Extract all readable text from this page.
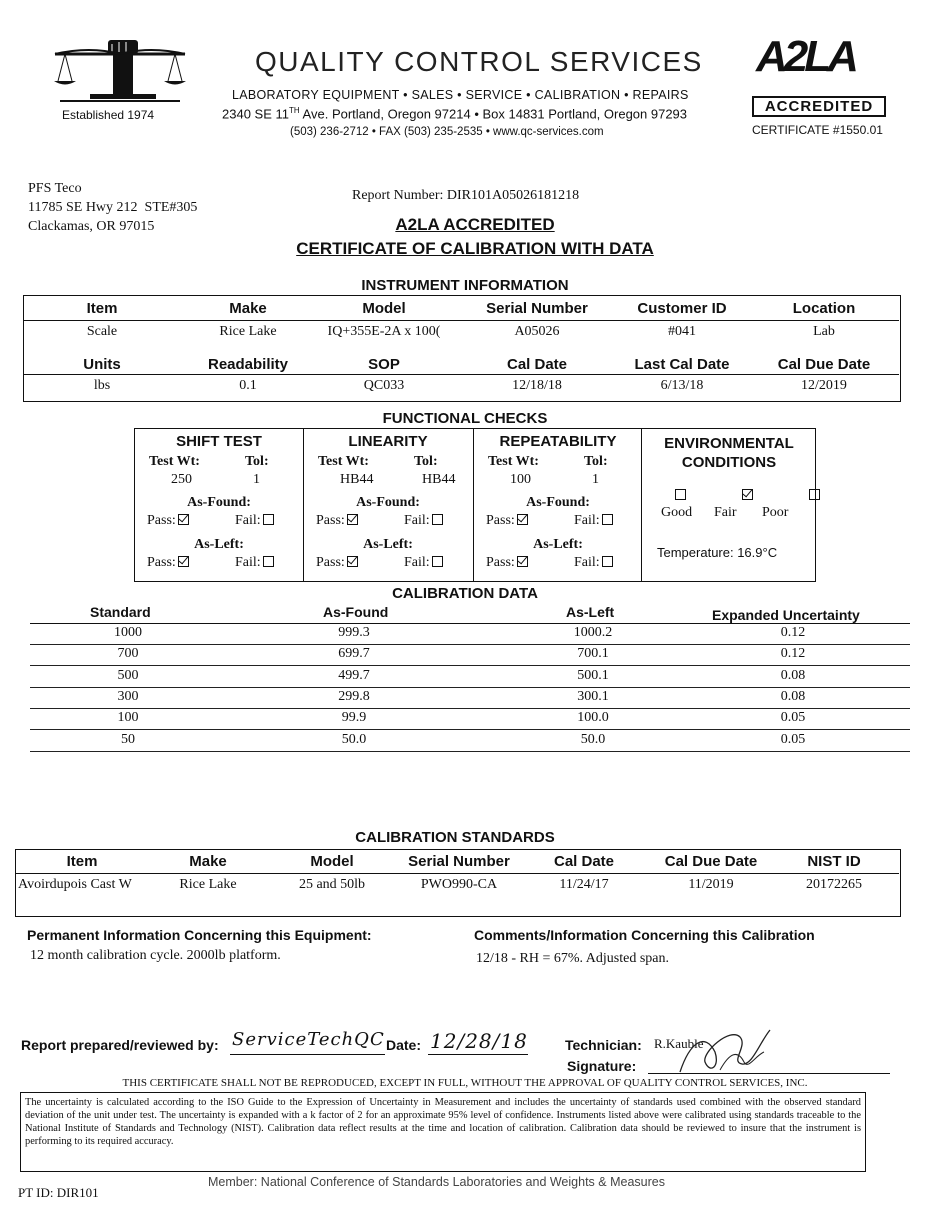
Established 1974
QUALITY CONTROL SERVICES
LABORATORY EQUIPMENT • SALES • SERVICE • CALIBRATION • REPAIRS
2340 SE 11TH Ave. Portland, Oregon 97214 • Box 14831 Portland, Oregon 97293
(503) 236-2712 • FAX (503) 235-2535 • www.qc-services.com
A2LA
ACCREDITED
CERTIFICATE #1550.01
PFS Teco
11785 SE Hwy 212  STE#305
Clackamas, OR 97015
Report Number: DIR101A05026181218
A2LA ACCREDITED
CERTIFICATE OF CALIBRATION WITH DATA
INSTRUMENT INFORMATION
Item	Make	Model	Serial Number	Customer ID	Location
Scale	Rice Lake	IQ+355E-2A x 100(	A05026	#041	Lab
Units	Readability	SOP	Cal Date	Last Cal Date	Cal Due Date
lbs	0.1	QC033	12/18/18	6/13/18	12/2019
FUNCTIONAL CHECKS
ENVIRONMENTAL
CONDITIONS

Good Fair Poor
Temperature: 16.9°C
SHIFT TEST
Test Wt:	Tol:
250	1
As-Found:
Pass:	Fail:
Pass:	Fail:
As-Left:
LINEARITY
Test Wt:	Tol:
HB44	HB44
As-Found:
Pass:	Fail:
Pass:	Fail:
As-Left:
REPEATABILITY
Test Wt:	Tol:
100	1
As-Found:
Pass:	Fail:
Pass:	Fail:
As-Left:
CALIBRATION DATA
Standard	As-Found	As-Left	Expanded Uncertainty
1000	999.3	1000.2	0.12
700	699.7	700.1	0.12
500	499.7	500.1	0.08
300	299.8	300.1	0.08
100	99.9	100.0	0.05
50	50.0	50.0	0.05
CALIBRATION STANDARDS
Item	Make	Model	Serial Number	Cal Date	Cal Due Date	NIST ID
Avoirdupois Cast W	Rice Lake	25 and 50lb	PWO990-CA	11/24/17	11/2019	20172265
Permanent Information Concerning this Equipment:
12 month calibration cycle. 2000lb platform.
Comments/Information Concerning this Calibration
12/18 - RH = 67%. Adjusted span.
Report prepared/reviewed by: ServiceTechQC Date: 12/28/18	Technician: R.Kauble
Signature:
THIS CERTIFICATE SHALL NOT BE REPRODUCED, EXCEPT IN FULL, WITHOUT THE APPROVAL OF QUALITY CONTROL SERVICES, INC.
The uncertainty is calculated according to the ISO Guide to the Expression of Uncertainty in Measurement and includes the uncertainty of standards used combined with the observed standard deviation of the unit under test. The uncertainty is expanded with a k factor of 2 for an approximate 95% level of confidence. Instruments listed above were calibrated using standards traceable to the National Institute of Standards and Technology (NIST). Calibration data reflect results at the time and location of calibration. Calibration data should be reviewed to insure that the instrument is performing to its required accuracy.
Member: National Conference of Standards Laboratories and Weights & Measures
PT ID: DIR101
